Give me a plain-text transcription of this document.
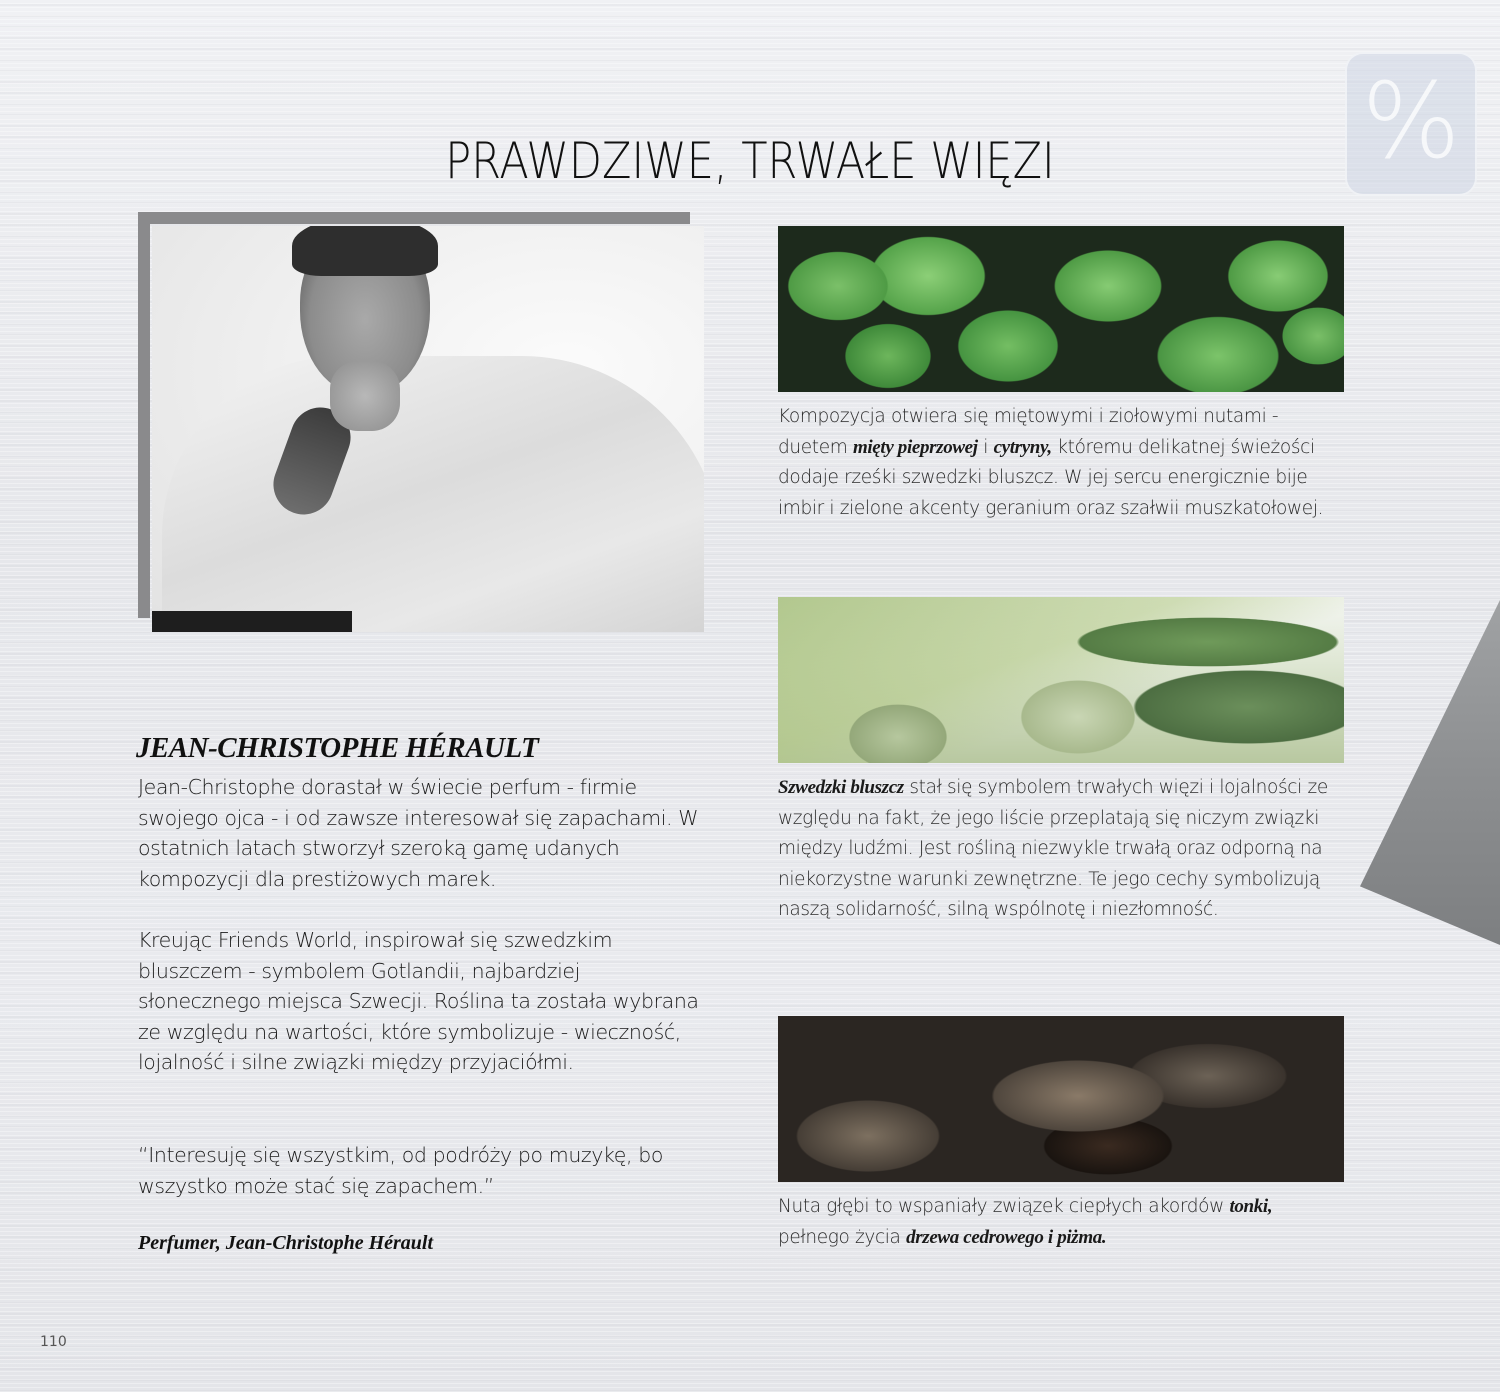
PRAWDZIWE, TRWAŁE WIĘZI	%
JEAN-CHRISTOPHE HÉRAULT

Jean-Christophe dorastał w świecie perfum - firmie swojego ojca - i od zawsze interesował się zapachami. W ostatnich latach stworzył szeroką gamę udanych kompozycji dla prestiżowych marek.

Kreując Friends World, inspirował się szwedzkim bluszczem - symbolem Gotlandii, najbardziej słonecznego miejsca Szwecji. Roślina ta została wybrana ze względu na wartości, które symbolizuje - wieczność, lojalność i silne związki między przyjaciółmi.

“Interesuję się wszystkim, od podróży po muzykę, bo wszystko może stać się zapachem.”

Perfumer, Jean-Christophe Hérault
Kompozycja otwiera się miętowymi i ziołowymi nutami - duetem mięty pieprzowej i cytryny, któremu delikatnej świeżości dodaje rześki szwedzki bluszcz. W jej sercu energicznie bije imbir i zielone akcenty geranium oraz szałwii muszkatołowej.
Szwedzki bluszcz stał się symbolem trwałych więzi i lojalności ze względu na fakt, że jego liście przeplatają się niczym związki między ludźmi. Jest rośliną niezwykle trwałą oraz odporną na niekorzystne warunki zewnętrzne. Te jego cechy symbolizują naszą solidarność, silną wspólnotę i niezłomność.
Nuta głębi to wspaniały związek ciepłych akordów tonki, pełnego życia drzewa cedrowego i piżma.
110
